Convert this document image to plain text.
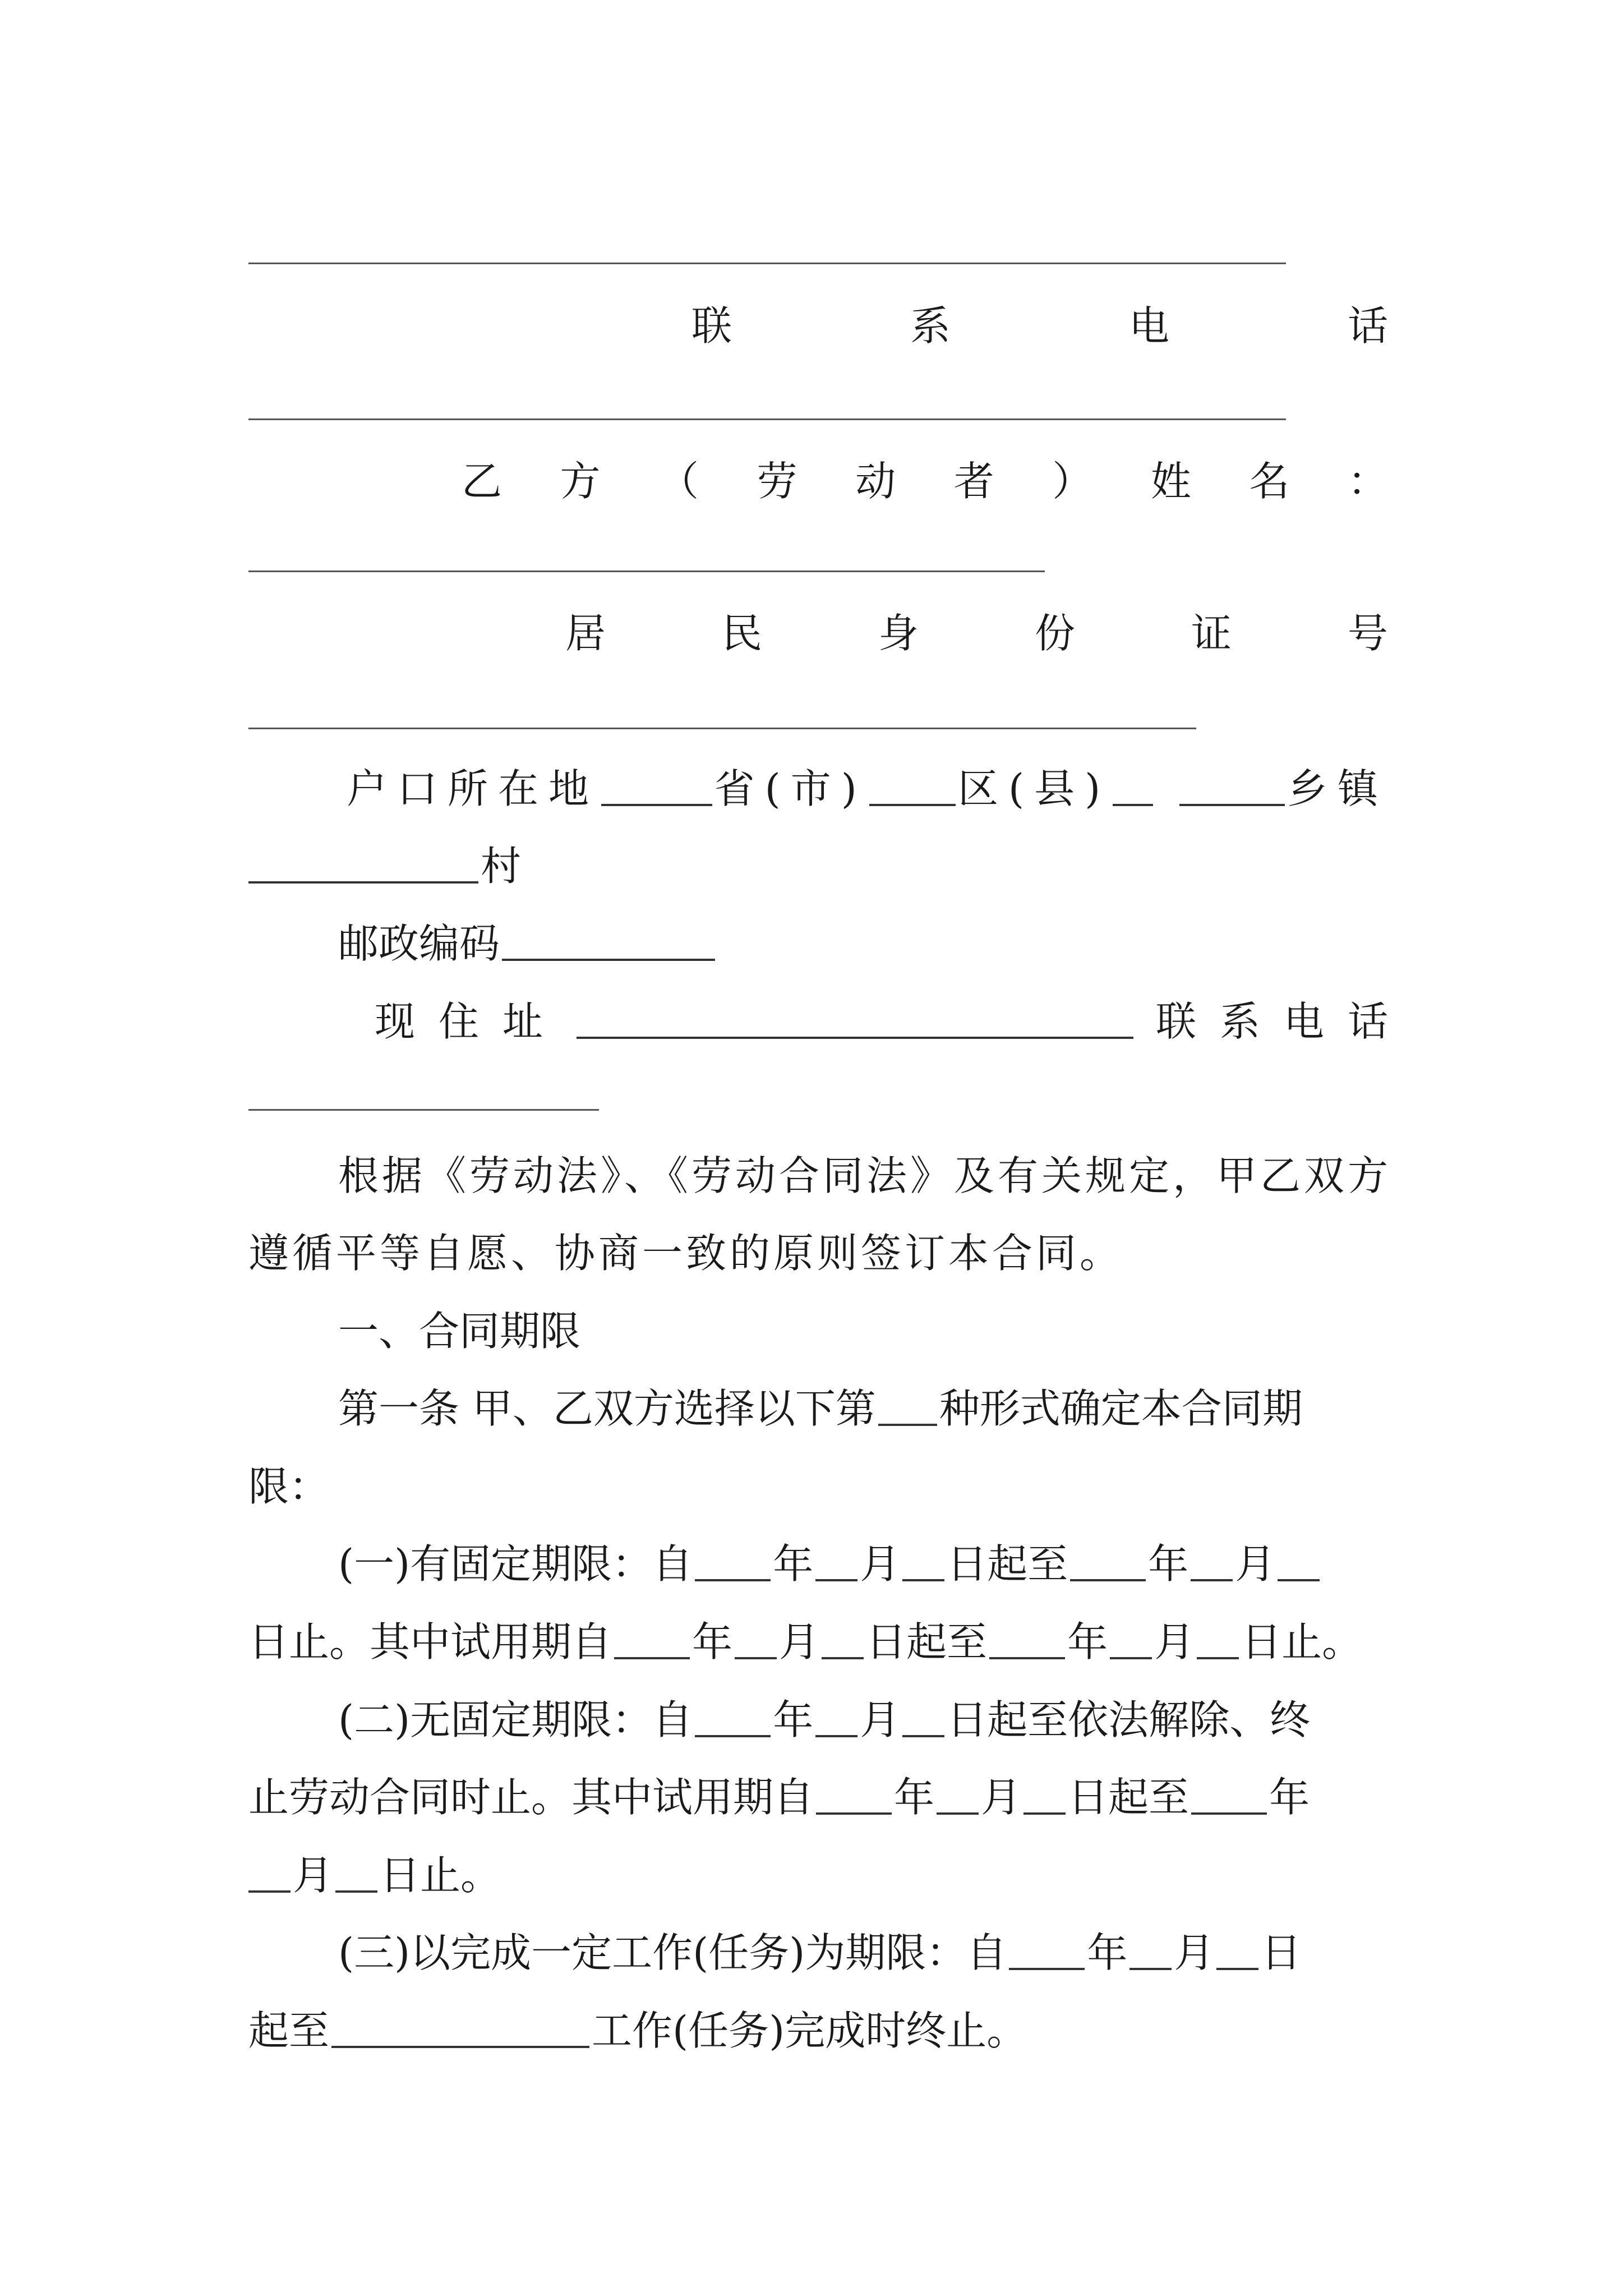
联	系	电	话
乙 方 （ 劳 动 者 ） 姓 名 ：
居	民	身	份	证	号
户口所在地	省(市) 区(县)	乡镇
村
邮政编码
现 住 址	联 系 电 话
根据《劳动法》、《劳动合同法》及有关规定，甲乙双方
遵循平等自愿、协商一致的原则签订本合同。
一、合同期限
第一条 甲、乙双方选择以下第 种形式确定本合同期
限：
(一)有固定期限：自 年 月 日起至 年 月
日止。其中试用期自 年 月 日起至 年 月 日止。
(二)无固定期限：自 年 月 日起至依法解除、终
止劳动合同时止。其中试用期自 年 月 日起至 年
月 日止。
(三)以完成一定工作(任务)为期限：自 年 月 日
起至	工作(任务)完成时终止。
